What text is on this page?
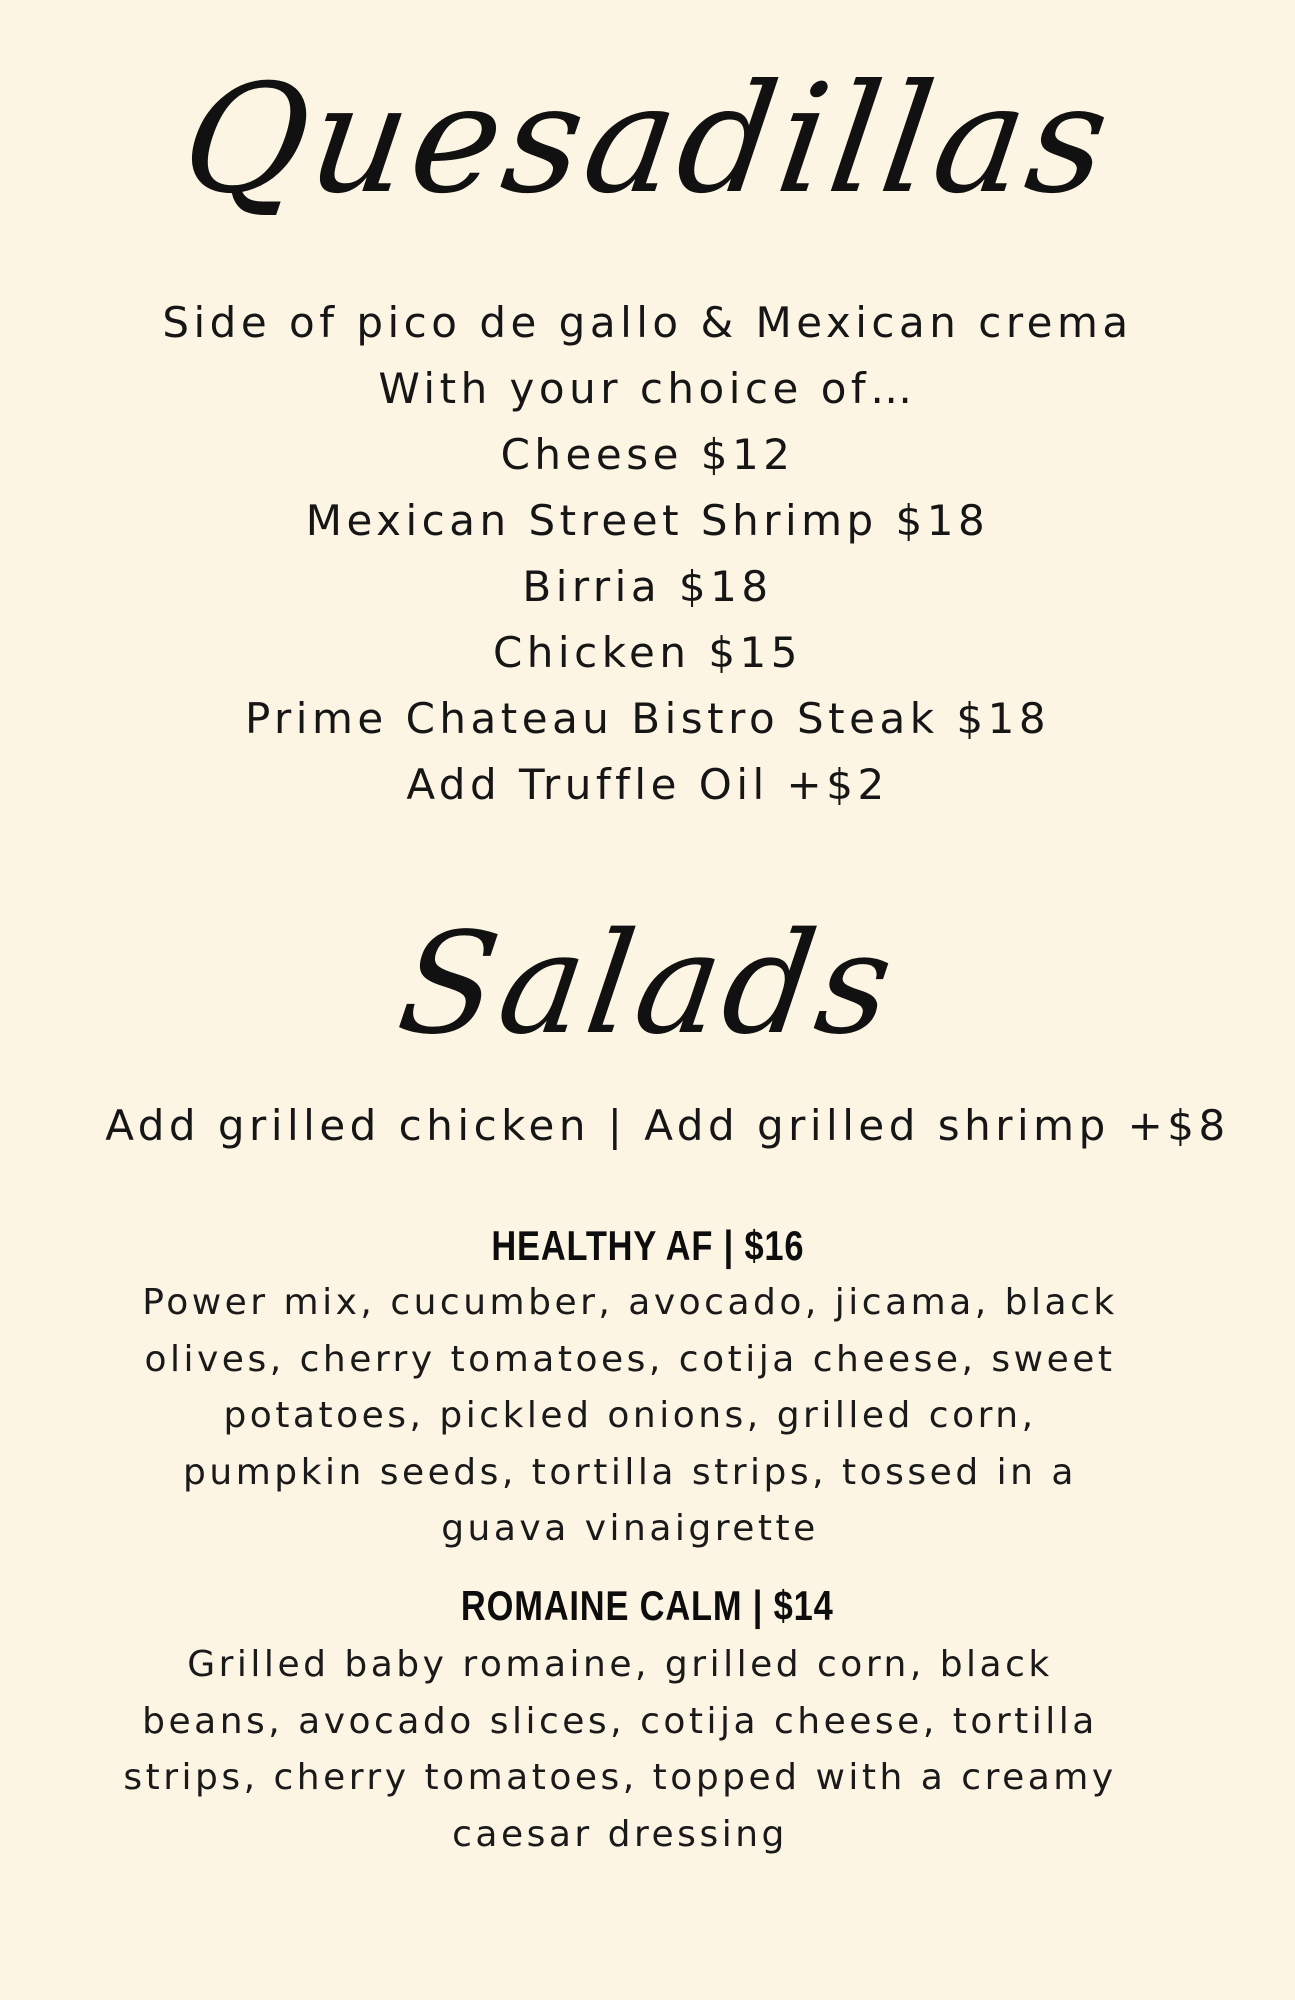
Quesadillas
Side of pico de gallo & Mexican crema
With your choice of…
Cheese $12
Mexican Street Shrimp $18
Birria $18
Chicken $15
Prime Chateau Bistro Steak $18
Add Truffle Oil +$2
Salads
Add grilled chicken | Add grilled shrimp +$8
HEALTHY AF | $16
Power mix, cucumber, avocado, jicama, black olives, cherry tomatoes, cotija cheese, sweet potatoes, pickled onions, grilled corn, pumpkin seeds, tortilla strips, tossed in a guava vinaigrette
ROMAINE CALM | $14
Grilled baby romaine, grilled corn, black beans, avocado slices, cotija cheese, tortilla strips, cherry tomatoes, topped with a creamy caesar dressing
